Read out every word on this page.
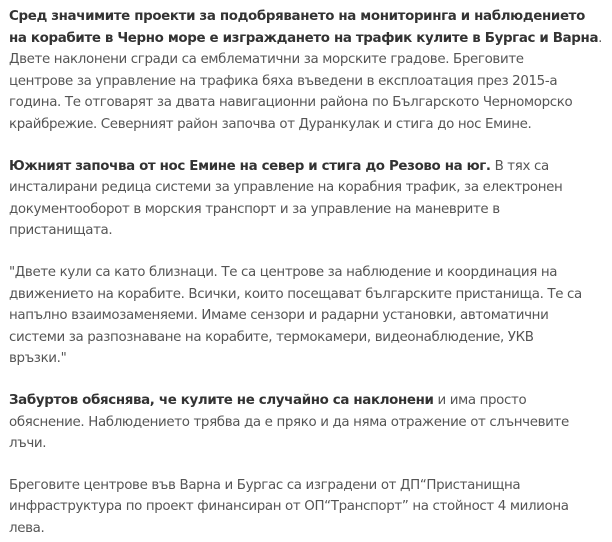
Сред значимите проекти за подобряването на мониторинга и наблюдението
на корабите в Черно море е изграждането на трафик кулите в Бургас и Варна.
Двете наклонени сгради са емблематични за морските градове. Бреговите
центрове за управление на трафика бяха въведени в експлоатация през 2015-а
година. Те отговарят за двата навигационни района по Българското Черноморско
крайбрежие. Северният район започва от Дуранкулак и стига до нос Емине.

Южният започва от нос Емине на север и стига до Резово на юг. В тях са
инсталирани редица системи за управление на корабния трафик, за електронен
документооборот в морския транспорт и за управление на маневрите в
пристанищата.

"Двете кули са като близнаци. Те са центрове за наблюдение и координация на
движението на корабите. Всички, които посещават българските пристанища. Те са
напълно взаимозаменяеми. Имаме сензори и радарни установки, автоматични
системи за разпознаване на корабите, термокамери, видеонаблюдение, УКВ
връзки."

Забуртов обяснява, че кулите не случайно са наклонени и има просто
обяснение. Наблюдението трябва да е пряко и да няма отражение от слънчевите
лъчи.

Бреговите центрове във Варна и Бургас са изградени от ДП“Пристанищна
инфраструктура по проект финансиран от ОП“Транспорт” на стойност 4 милиона
лева.
